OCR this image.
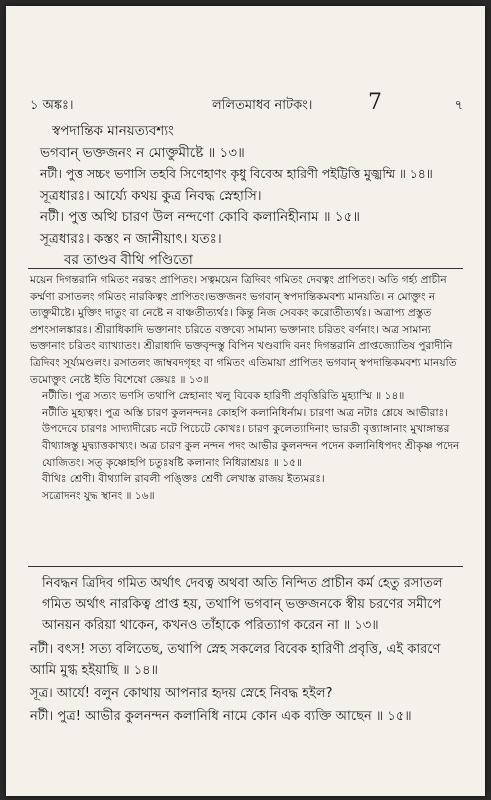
১ অঙ্কঃ।	ললিতমাধব নাটকং।	7	৭
স্বপদান্তিক মানয়ত্যবশ্যং
ভগবান্ ভক্তজনং ন মোক্তুমীষ্টে ॥ ১৩॥
নটী। পুত্ত সচ্চং ভণাসি তহবি সিণেহাণং কৃধু বিবেঅ হারিণী পইট্টিত্তি মুজ্ঝম্মি ॥ ১৪॥
সূত্রধারঃ। আর্য্যে কথয় কুত্র নিবদ্ধ স্নেহাসি।
নটী। পুত্ত অত্থি চারণ উল নন্দণো কোবি কলানিহীনাম ॥ ১৫॥
সূত্রধারঃ। কস্তং ন জানীয়াৎ। যতঃ।
বর তাণ্ডব বীথি পণ্ডিতো

ময়েন দিগন্তরানি গমিতং নরন্তং প্রাপিতং। সত্বময়েন ত্রিদিবং গমিতং দেবত্বং প্রাপিতং। অতি গর্হ্য প্রাচীন কর্ম্মণা রসাতলং গমিতং নারকিত্বং প্রাপিতং।ভক্তজনং ভগবান্ স্বপদান্তিকমবশ্য মানয়তি। ন মোক্তুং ন ত্যক্তুমীষ্টে। মুক্তিং দাতুং বা নেষ্টে ন বাঞ্চতীত্যর্থঃ। কিন্তু নিজ সেবকং করোতীত্যর্থঃ। অত্রাপ্য প্রস্তুত প্রশংসালঙ্কারঃ। শ্রীরাধিকাদি ভক্তানাং চরিতে বক্তব্যে সামান্য ভক্তানাং চরিতং বর্ণনাং। অত্র সামান্য ভক্তানাং চরিতং ব্যাখ্যাতং। শ্রীরাধাদি ভক্তবৃন্দস্তু বিপিন খণ্ডবাদি বনং দিগন্তরানি প্রাপ্তজ্যোতিষ পুরাদীনি ত্রিদিবং সূর্য্যমণ্ডলং। রসাতলং জাম্ববদগৃহং বা গমিতং এতিমায়া প্রাপিতং ভগবান্ স্বপদান্তিকমবশ্য মানয়তি তমোক্তুং নেষ্টে ইতি বিশেষো জ্ঞেয়ঃ ॥ ১৩॥

নটীতি। পুত্র সত্যং ভণসি তথাপি স্নেহানাং খলু বিবেক হারিণী প্রবৃত্তিরিতি মুহ্যাস্মি ॥ ১৪॥

নটীতি মুহ্যত্বং। পুত্র অস্তি চারণ কুলনন্দনঃ কোহপি কলানিধির্নাম। চারণা অত্র নটাঃ শ্লেষে আভীরাঃ। উপদেবে চারণঃ সাদ্যাদীরেচ নটে পিচেটে কোখঃ। চারণ কুলেত্যাদিনাং ভারতী বৃত্ত্যাঙ্গানাং মুখাঙ্গান্তর বীথ্যাঙ্গস্তু মুদ্ব্যাত্তকাখ্যং। অত্র চারণ কুল নন্দন পদং আভীর কুলনন্দন পদেন কলানিধিপদং শ্রীকৃষ্ণ পদেন যোজিতং। সত্ কৃষ্ণোহপি চতুঃষষ্টি কলানাং নিধিরাশ্রয়ঃ ॥ ১৫॥

বীথিঃ শ্রেণী। বীথ্যালি রাবলী পঙ্ক্তিঃ শ্রেণী লেখাস্ত রাজয় ইত্যমরঃ।

সত্রোদনং যুদ্ধ স্থানং ॥ ১৬॥

নিবদ্ধন ত্রিদিব গমিত অর্থাৎ দেবত্ব অথবা অতি নিন্দিত প্রাচীন কর্ম হেতু রসাতল গমিত অর্থাৎ নারকিত্ব প্রাপ্ত হয়, তথাপি ভগবান্ ভক্তজনকে স্বীয় চরণের সমীপে আনয়ন করিয়া থাকেন, কখনও তাঁহাকে পরিত্যাগ করেন না ॥ ১৩॥

নটী। বৎস! সত্য বলিতেছ, তথাপি স্নেহ সকলের বিবেক হারিণী প্রবৃত্তি, এই কারণে আমি মুগ্ধ হইয়াছি ॥ ১৪॥

সূত্র। আর্যে! বলুন কোথায় আপনার হৃদয় স্নেহে নিবদ্ধ হইল?

নটী। পুত্র! আভীর কুলনন্দন কলানিধি নামে কোন এক ব্যক্তি আছেন ॥ ১৫॥
